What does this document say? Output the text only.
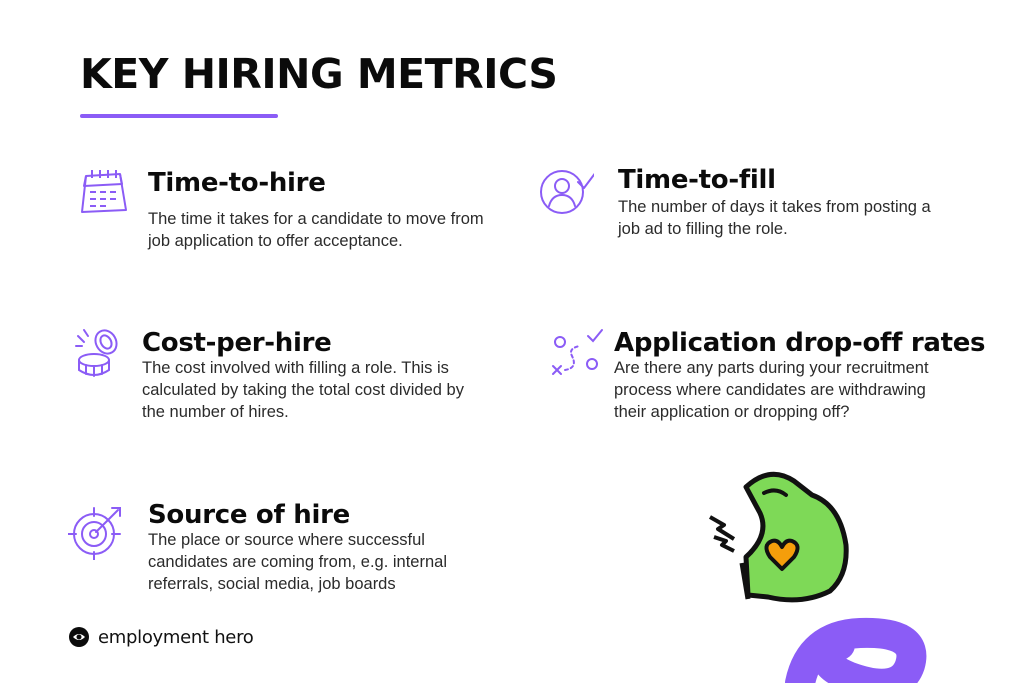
KEY HIRING METRICS
Time-to-hire

The time it takes for a candidate to move from job application to offer acceptance.

Time-to-fill

The number of days it takes from posting a job ad to filling the role.

Cost-per-hire

The cost involved with filling a role. This is calculated by taking the total cost divided by the number of hires.

Application drop-off rates

Are there any parts during your recruitment process where candidates are withdrawing their application or dropping off?

Source of hire

The place or source where successful candidates are coming from, e.g. internal referrals, social media, job boards

employment hero
